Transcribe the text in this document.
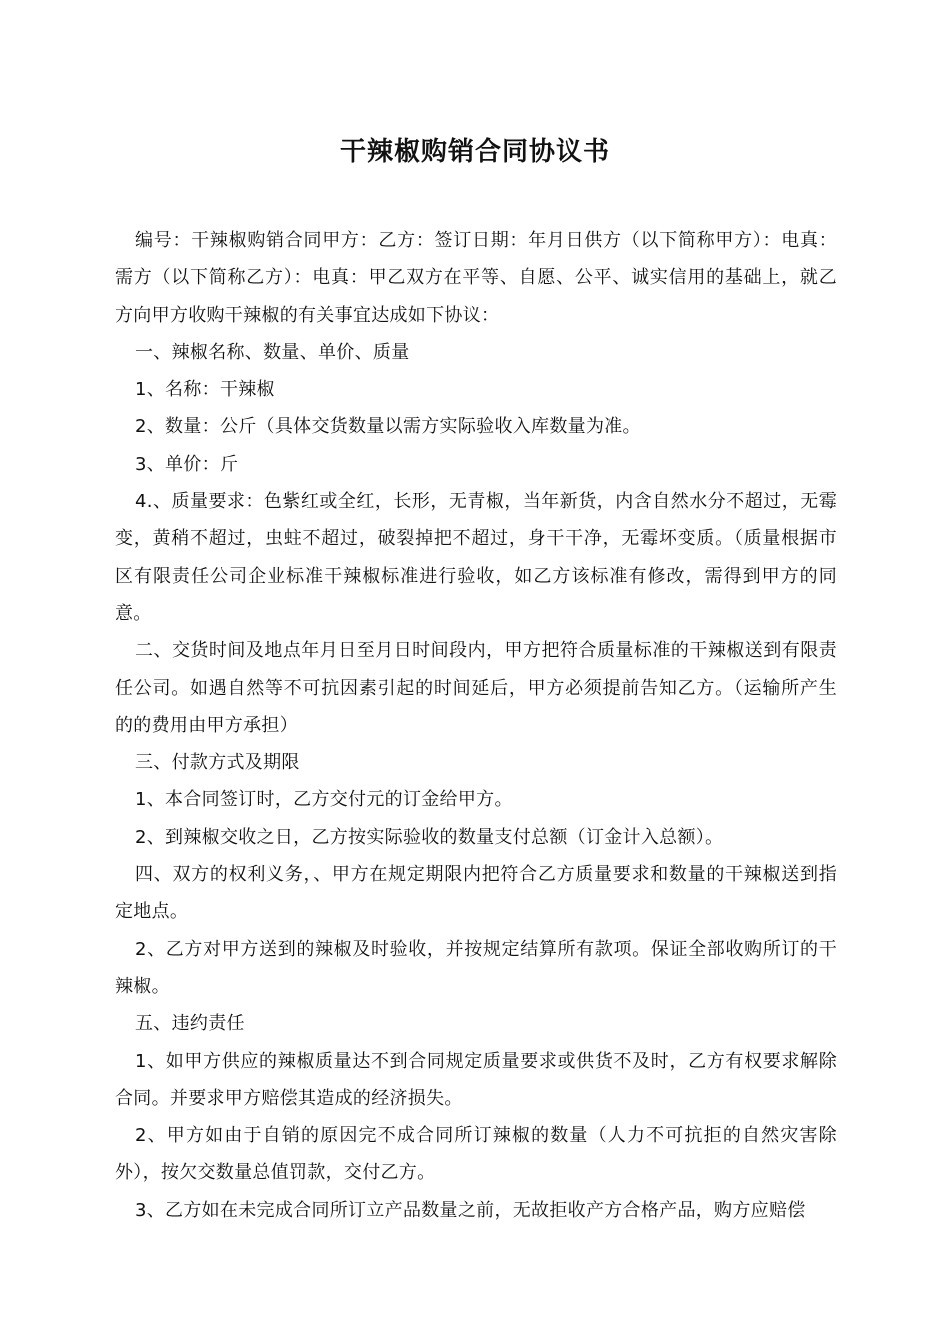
干辣椒购销合同协议书

编号：干辣椒购销合同甲方：乙方：签订日期：年月日供方（以下简称甲方）：电真：需方（以下简称乙方）：电真：甲乙双方在平等、自愿、公平、诚实信用的基础上，就乙方向甲方收购干辣椒的有关事宜达成如下协议：

一、辣椒名称、数量、单价、质量

1、名称：干辣椒

2、数量：公斤（具体交货数量以需方实际验收入库数量为准。

3、单价：斤

4.、质量要求：色紫红或全红，长形，无青椒，当年新货，内含自然水分不超过，无霉变，黄稍不超过，虫蛀不超过，破裂掉把不超过，身干干净，无霉坏变质。（质量根据市区有限责任公司企业标准干辣椒标准进行验收，如乙方该标准有修改，需得到甲方的同意。

二、交货时间及地点年月日至月日时间段内，甲方把符合质量标准的干辣椒送到有限责任公司。如遇自然等不可抗因素引起的时间延后，甲方必须提前告知乙方。（运输所产生的的费用由甲方承担）

三、付款方式及期限

1、本合同签订时，乙方交付元的订金给甲方。

2、到辣椒交收之日，乙方按实际验收的数量支付总额（订金计入总额）。

四、双方的权利义务，、甲方在规定期限内把符合乙方质量要求和数量的干辣椒送到指定地点。

2、乙方对甲方送到的辣椒及时验收，并按规定结算所有款项。保证全部收购所订的干辣椒。

五、违约责任

1、如甲方供应的辣椒质量达不到合同规定质量要求或供货不及时，乙方有权要求解除合同。并要求甲方赔偿其造成的经济损失。

2、甲方如由于自销的原因完不成合同所订辣椒的数量（人力不可抗拒的自然灾害除外），按欠交数量总值罚款，交付乙方。

3、乙方如在未完成合同所订立产品数量之前，无故拒收产方合格产品，购方应赔偿
